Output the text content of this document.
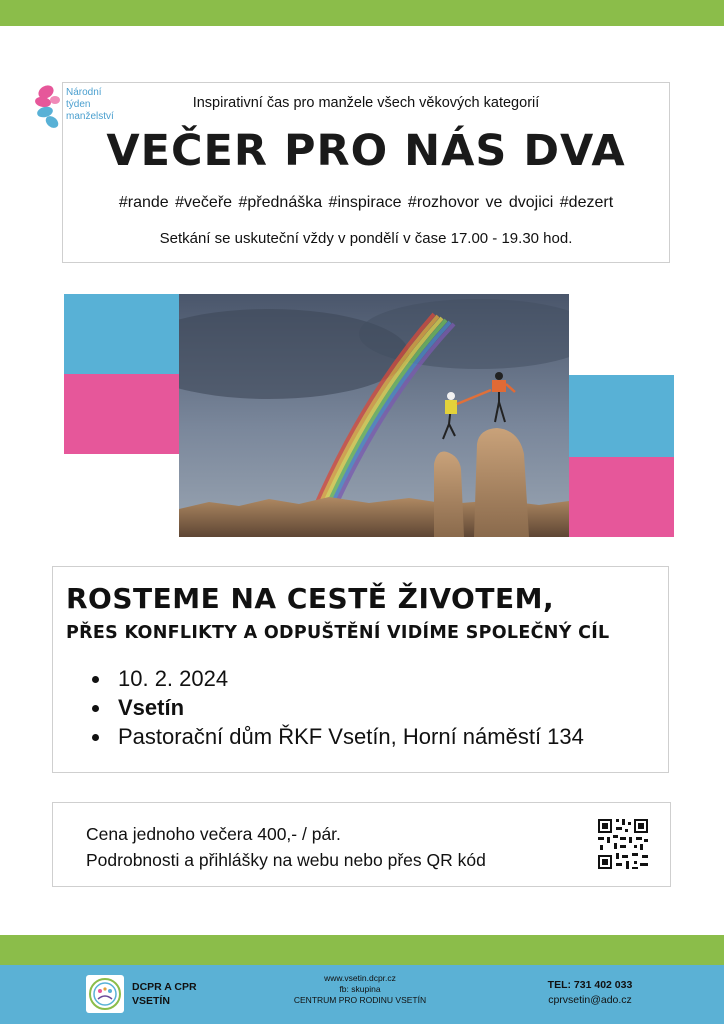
Národní
týden
manželství
Inspirativní čas pro manžele všech věkových kategorií
VEČER PRO NÁS DVA
#rande #večeře #přednáška #inspirace #rozhovor ve dvojici #dezert
Setkání se uskuteční vždy v pondělí v čase 17.00 - 19.30 hod.
ROSTEME NA CESTĚ ŽIVOTEM,
PŘES KONFLIKTY A ODPUŠTĚNÍ VIDÍME SPOLEČNÝ CÍL
10. 2. 2024
Vsetín
Pastorační dům ŘKF Vsetín, Horní náměstí 134
Cena jednoho večera 400,- / pár.
Podrobnosti a přihlášky na webu nebo přes QR kód
DCPR A CPR
VSETÍN
www.vsetin.dcpr.cz
fb: skupina
CENTRUM PRO RODINU VSETÍN
TEL: 731 402 033
cprvsetin@ado.cz
